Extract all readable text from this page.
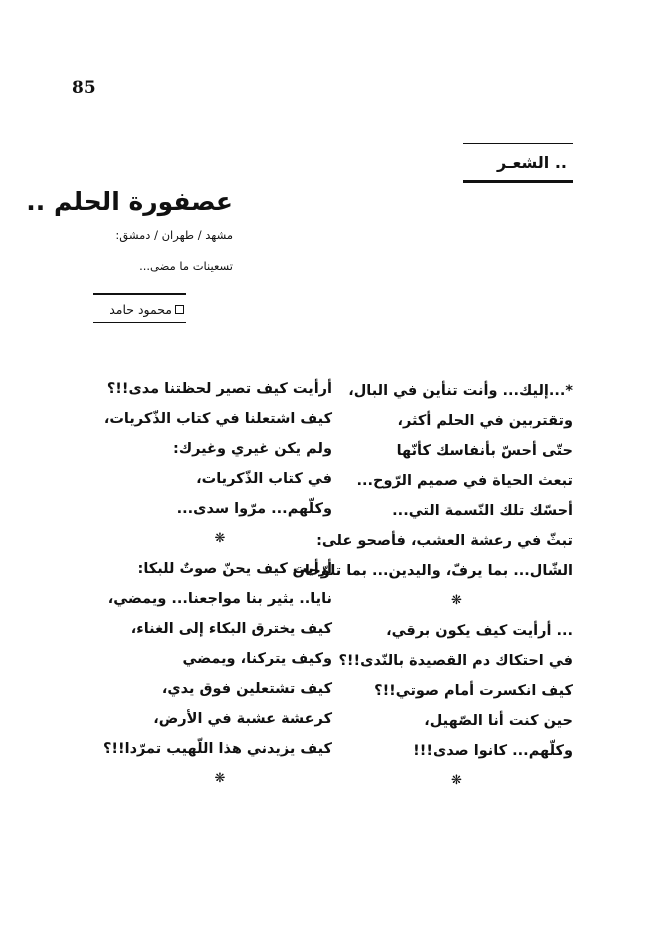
85
الشعـر ..
عصفورة الحلم ..
مشهد / طهران / دمشق:
تسعينات ما مضى...
محمود حامد
*...إليك... وأنت تنأين في البال،
وتقتربين في الحلم أكثر،
حتّى أحسّ بأنفاسك كأنّها
تبعث الحياة في صميم الرّوح...
أحسّك تلك النّسمة التي...
تبثّ في رعشة العشب، فأصحو على:
الشّال... بما يرفّ، واليدين... بما تلوّحان
❋
... أرأيت كيف يكون برقي،
في احتكاك دم القصيدة بالنّدى!!؟
كيف انكسرت أمام صوتي!!؟
حين كنت أنا الصّهيل،
وكلّهم... كانوا صدى!!!
❋
أرأيت كيف تصير لحظتنا مدى!!؟
كيف اشتعلنا في كتاب الذّكريات،
ولم يكن غيري وغيرك:
في كتاب الذّكريات،
وكلّهم... مرّوا سدى...
❋
أرأيت كيف يحنّ صوتٌ للبكا:
نايا.. يثير بنا مواجعنا... ويمضي،
كيف يخترق البكاء إلى الغناء،
وكيف يتركنا، ويمضي
كيف تشتعلين فوق يدي،
كرعشة عشبة في الأرض،
كيف يزيدني هذا اللّهيب تمرّدا!!؟
❋
